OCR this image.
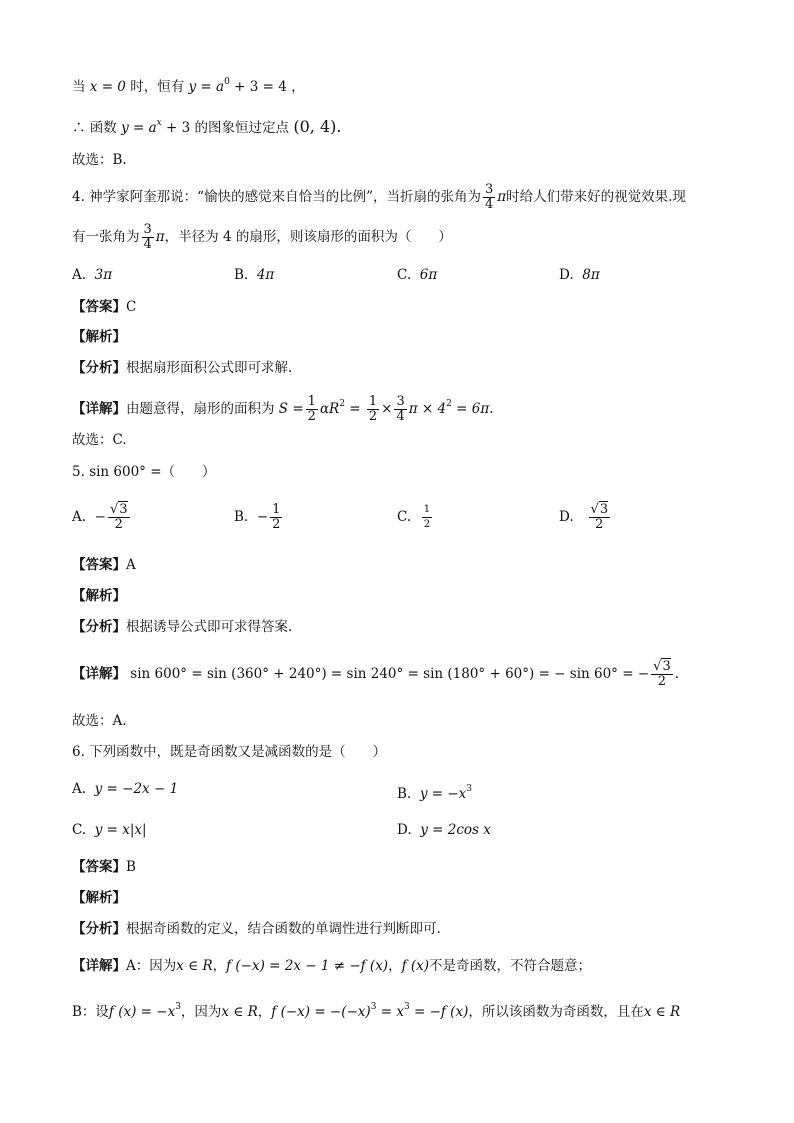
当 x = 0 时，恒有 $y = a^0 + 3 = 4$ ，
∴ 函数 $y = a^x + 3$ 的图象恒过定点 (0, 4).
故选：B.
4. 神学家阿奎那说：“愉快的感觉来自恰当的比例”，当折扇的张角为 $\frac{3}{4}$ π时给人们带来好的视觉效果.现
有一张角为 $\frac{3}{4}$ π，半径为 4 的扇形，则该扇形的面积为（　　）
A. 3π	B. 4π	C. 6π	D. 8π
【答案】C
【解析】
【分析】根据扇形面积公式即可求解.
【详解】由题意得，扇形的面积为 $S = \frac{1}{2} \alpha R^2 = \frac{1}{2} \times \frac{3}{4}$ $\pi \times 4^2 = 6\pi$.
故选：C.
5. sin 600° =（　　）
A. − $\frac{√3}{2}$	B. − $\frac{1}{2}$	C. $\frac{1}{2}$	D. $\frac{√3}{2}$
【答案】A
【解析】
【分析】根据诱导公式即可求得答案.
【详解】 sin 600° = sin (360° + 240°) = sin 240° = sin (180° + 60°) = − sin 60° = − $\frac{√3}{2}$ .
故选：A.
6. 下列函数中，既是奇函数又是减函数的是（　　）
A. y = −2x − 1	B. $y = -x^3$
C. y = x|x|	D. y = 2cos x
【答案】B
【解析】
【分析】根据奇函数的定义，结合函数的单调性进行判断即可.
【详解】A：因为x ∈ R，f (−x) = 2x − 1 ≠ −f (x)，f (x)不是奇函数，不符合题意；
B：设f $(x) = -x^3$，因为x ∈ R，f $(-x) = -(-x)^3 = x^3 = -f$ (x)，所以该函数为奇函数，且在x ∈ R
